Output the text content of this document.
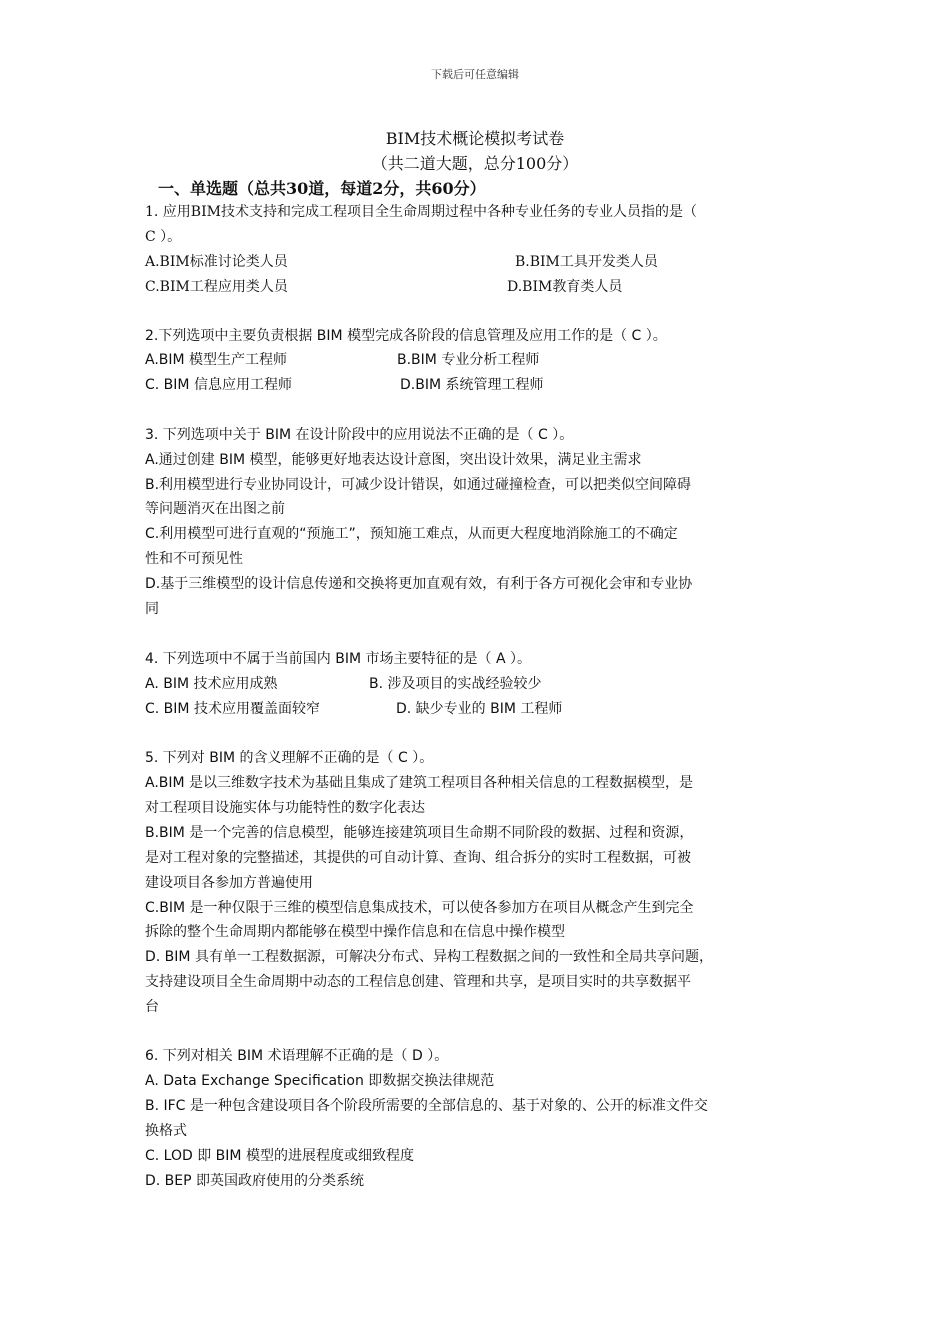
下载后可任意编辑
BIM技术概论模拟考试卷
（共二道大题，总分100分）
一、单选题（总共30道，每道2分，共60分）
1. 应用BIM技术支持和完成工程项目全生命周期过程中各种专业任务的专业人员指的是（
C ）。
A.BIM标准讨论类人员	B.BIM工具开发类人员
C.BIM工程应用类人员	D.BIM教育类人员
2.下列选项中主要负责根据 BIM 模型完成各阶段的信息管理及应用工作的是（ C ）。
A.BIM 模型生产工程师	B.BIM 专业分析工程师
C. BIM 信息应用工程师	D.BIM 系统管理工程师
3. 下列选项中关于 BIM 在设计阶段中的应用说法不正确的是（ C ）。
A.通过创建 BIM 模型，能够更好地表达设计意图，突出设计效果，满足业主需求
B.利用模型进行专业协同设计，可减少设计错误，如通过碰撞检查，可以把类似空间障碍
等问题消灭在出图之前
C.利用模型可进行直观的“预施工”，预知施工难点，从而更大程度地消除施工的不确定
性和不可预见性
D.基于三维模型的设计信息传递和交换将更加直观有效，有利于各方可视化会审和专业协
同
4. 下列选项中不属于当前国内 BIM 市场主要特征的是（ A ）。
A. BIM 技术应用成熟	B. 涉及项目的实战经验较少
C. BIM 技术应用覆盖面较窄	D. 缺少专业的 BIM 工程师
5. 下列对 BIM 的含义理解不正确的是（ C ）。
A.BIM 是以三维数字技术为基础且集成了建筑工程项目各种相关信息的工程数据模型，是
对工程项目设施实体与功能特性的数字化表达
B.BIM 是一个完善的信息模型，能够连接建筑项目生命期不同阶段的数据、过程和资源，
是对工程对象的完整描述，其提供的可自动计算、查询、组合拆分的实时工程数据，可被
建设项目各参加方普遍使用
C.BIM 是一种仅限于三维的模型信息集成技术，可以使各参加方在项目从概念产生到完全
拆除的整个生命周期内都能够在模型中操作信息和在信息中操作模型
D. BIM 具有单一工程数据源，可解决分布式、异构工程数据之间的一致性和全局共享问题，
支持建设项目全生命周期中动态的工程信息创建、管理和共享，是项目实时的共享数据平
台
6. 下列对相关 BIM 术语理解不正确的是（ D ）。
A. Data Exchange Specification 即数据交换法律规范
B. IFC 是一种包含建设项目各个阶段所需要的全部信息的、基于对象的、公开的标准文件交
换格式
C. LOD 即 BIM 模型的进展程度或细致程度
D. BEP 即英国政府使用的分类系统
